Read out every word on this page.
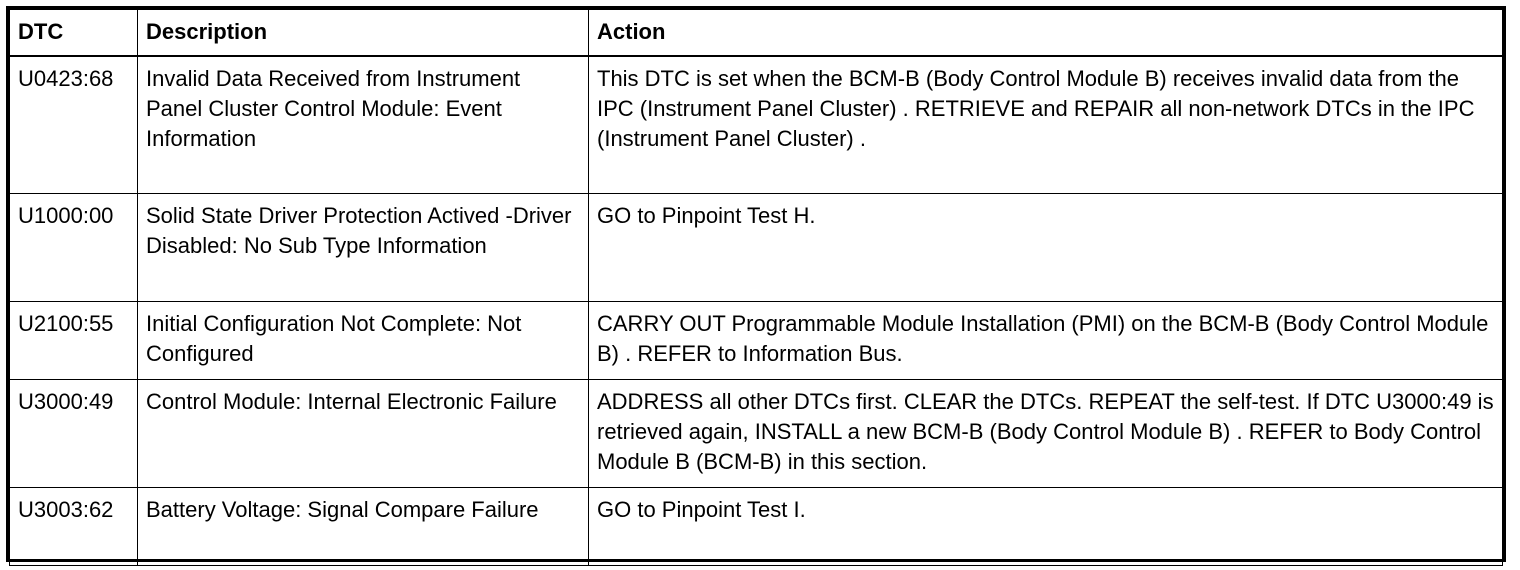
DTC	Description	Action
U0423:68	Invalid Data Received from Instrument Panel Cluster Control Module: Event Information	This DTC is set when the BCM-B (Body Control Module B) receives invalid data from the IPC (Instrument Panel Cluster) . RETRIEVE and REPAIR all non-network DTCs in the IPC (Instrument Panel Cluster) .
U1000:00	Solid State Driver Protection Actived -Driver Disabled: No Sub Type Information	GO to Pinpoint Test H.
U2100:55	Initial Configuration Not Complete: Not Configured	CARRY OUT Programmable Module Installation (PMI) on the BCM-B (Body Control Module B) . REFER to Information Bus.
U3000:49	Control Module: Internal Electronic Failure	ADDRESS all other DTCs first. CLEAR the DTCs. REPEAT the self-test. If DTC U3000:49 is retrieved again, INSTALL a new BCM-B (Body Control Module B) . REFER to Body Control Module B (BCM-B) in this section.
U3003:62	Battery Voltage: Signal Compare Failure	GO to Pinpoint Test I.
